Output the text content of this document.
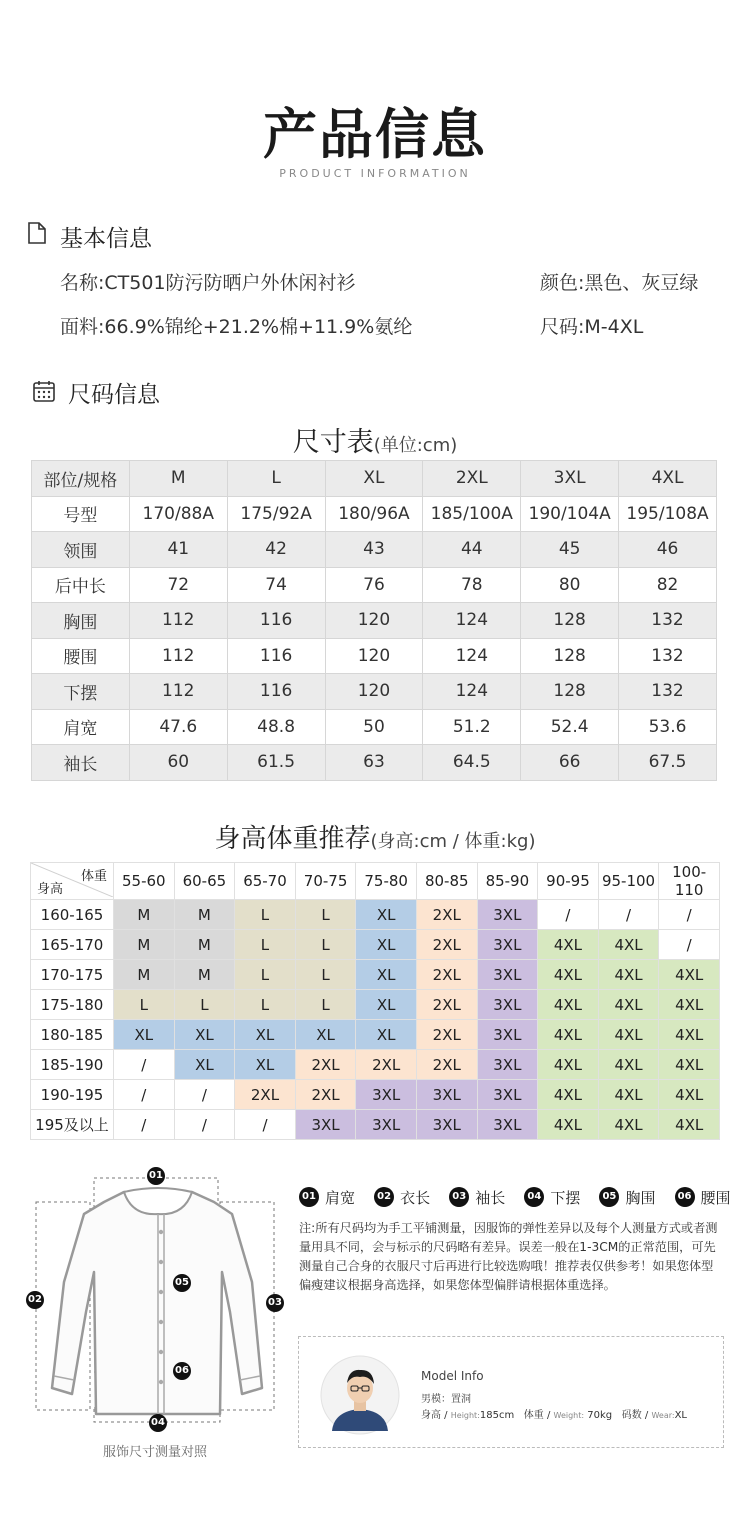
产品信息
PRODUCT INFORMATION
基本信息
名称:CT501防污防晒户外休闲衬衫	颜色:黑色、灰豆绿
面料:66.9%锦纶+21.2%棉+11.9%氨纶	尺码:M-4XL
尺码信息
尺寸表(单位:cm)
部位/规格	M	L	XL	2XL	3XL	4XL
号型	170/88A	175/92A	180/96A	185/100A	190/104A	195/108A
领围	41	42	43	44	45	46
后中长	72	74	76	78	80	82
胸围	112	116	120	124	128	132
腰围	112	116	120	124	128	132
下摆	112	116	120	124	128	132
肩宽	47.6	48.8	50	51.2	52.4	53.6
袖长	60	61.5	63	64.5	66	67.5
身高体重推荐(身高:cm / 体重:kg)
体重
身高	55-60	60-65	65-70	70-75	75-80	80-85	85-90	90-95	95-100	100-110
160-165	M	M	L	L	XL	2XL	3XL	/	/	/
165-170	M	M	L	L	XL	2XL	3XL	4XL	4XL	/
170-175	M	M	L	L	XL	2XL	3XL	4XL	4XL	4XL
175-180	L	L	L	L	XL	2XL	3XL	4XL	4XL	4XL
180-185	XL	XL	XL	XL	XL	2XL	3XL	4XL	4XL	4XL
185-190	/	XL	XL	2XL	2XL	2XL	3XL	4XL	4XL	4XL
190-195	/	/	2XL	2XL	3XL	3XL	3XL	4XL	4XL	4XL
195及以上	/	/	/	3XL	3XL	3XL	3XL	4XL	4XL	4XL
01
02	03
04
05
06
服饰尺寸测量对照
01 肩宽
	02 衣长
	03 袖长
	04 下摆
	05 胸围
	06 腰围
注:所有尺码均为手工平铺测量，因服饰的弹性差异以及每个人测量方式或者测量用具不同，会与标示的尺码略有差异。误差一般在1-3CM的正常范围，可先测量自己合身的衣服尺寸后再进行比较选购哦！推荐表仅供参考！如果您体型偏瘦建议根据身高选择，如果您体型偏胖请根据体重选择。
Model Info
男模：置洞
身高 / Height:185cm 体重 / Weight: 70kg 码数 / Wear:XL
